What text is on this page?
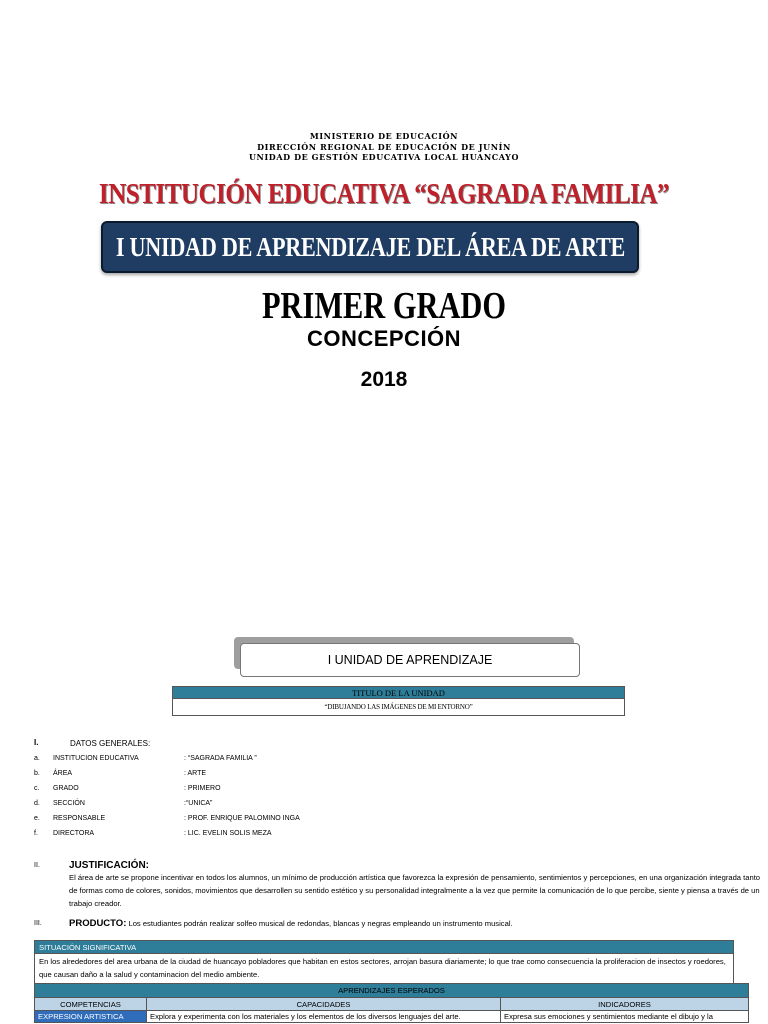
MINISTERIO DE EDUCACIÓN
DIRECCIÓN REGIONAL DE EDUCACIÓN DE JUNÍN
UNIDAD DE GESTIÓN EDUCATIVA LOCAL HUANCAYO
INSTITUCIÓN EDUCATIVA “SAGRADA FAMILIA”
I UNIDAD DE APRENDIZAJE DEL ÁREA DE ARTE
PRIMER GRADO
CONCEPCIÓN
2018
I UNIDAD DE APRENDIZAJE
TITULO DE LA UNIDAD
“DIBUJANDO LAS IMÁGENES DE MI ENTORNO”
I.	DATOS GENERALES:
a. INSTITUCION EDUCATIVA	: “SAGRADA FAMILIA ”
b. ÁREA	: ARTE
c. GRADO	: PRIMERO
d. SECCIÓN	:“UNICA”
e. RESPONSABLE	: PROF. ENRIQUE PALOMINO INGA
f. DIRECTORA	: LIC. EVELIN SOLIS MEZA
II.	JUSTIFICACIÓN:
El área de arte se propone incentivar en todos los alumnos, un mínimo de producción artística que favorezca la expresión de pensamiento, sentimientos y percepciones, en una organización integrada tanto de formas como de colores, sonidos, movimientos que desarrollen su sentido estético y su personalidad integralmente a la vez que permite la comunicación de lo que percibe, siente y piensa a través de un trabajo creador.
III.	PRODUCTO: Los estudiantes podrán realizar solfeo musical de redondas, blancas y negras empleando un instrumento musical.
SITUACIÓN SIGNIFICATIVA
En los alrededores del area urbana de la ciudad de huancayo pobladores que habitan en estos sectores, arrojan basura diariamente; lo que trae como consecuencia la proliferacion de insectos y roedores, que causan daño a la salud y contaminacion del medio ambiente.
APRENDIZAJES ESPERADOS		
COMPETENCIAS	CAPACIDADES	INDICADORES
EXPRESION ARTISTICA	Explora y experimenta con los materiales y los elementos de los diversos lenguajes del arte.	Expresa sus emociones y sentimientos mediante el dibujo y la
